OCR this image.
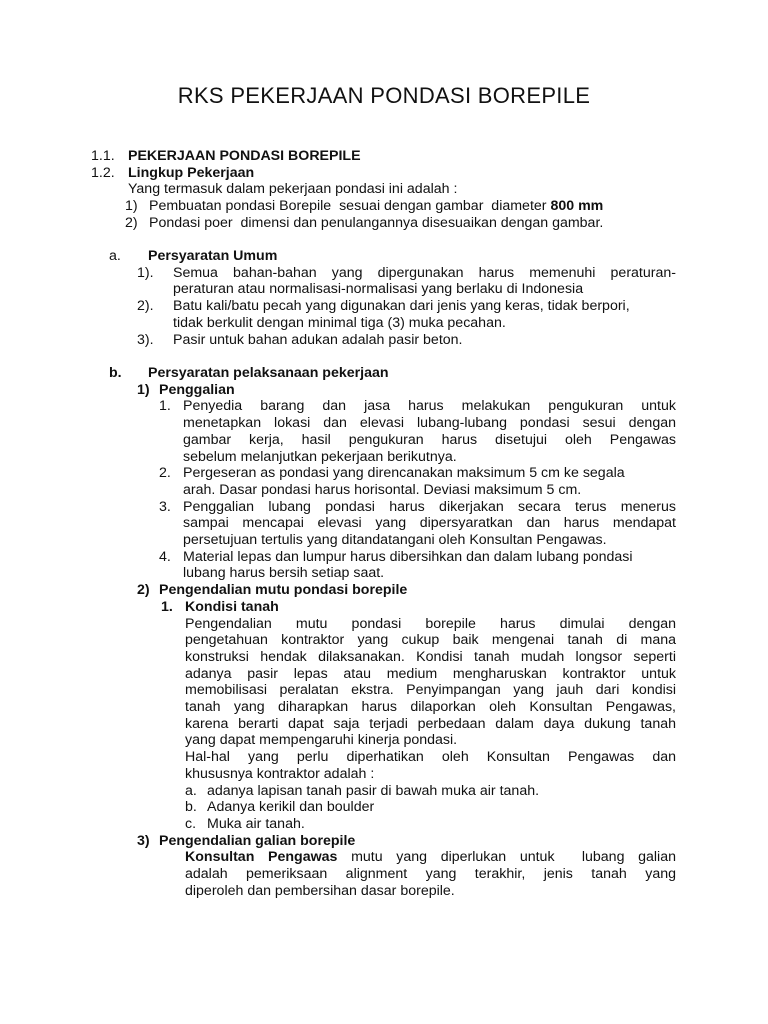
RKS PEKERJAAN PONDASI BOREPILE
1.1. PEKERJAAN PONDASI BOREPILE
1.2. Lingkup Pekerjaan
Yang termasuk dalam pekerjaan pondasi ini adalah :
1) Pembuatan pondasi Borepile  sesuai dengan gambar  diameter 800 mm
2) Pondasi poer  dimensi dan penulangannya disesuaikan dengan gambar.
a.	Persyaratan Umum
1).	Semua bahan-bahan yang dipergunakan harus memenuhi peraturan-
peraturan atau normalisasi-normalisasi yang berlaku di Indonesia
2).	Batu kali/batu pecah yang digunakan dari jenis yang keras, tidak berpori,
tidak berkulit dengan minimal tiga (3) muka pecahan.
3).	Pasir untuk bahan adukan adalah pasir beton.
b.	Persyaratan pelaksanaan pekerjaan
1) Penggalian
1. Penyedia barang dan jasa harus melakukan pengukuran untuk
menetapkan lokasi dan elevasi lubang-lubang pondasi sesui dengan
gambar kerja, hasil pengukuran harus disetujui oleh Pengawas
sebelum melanjutkan pekerjaan berikutnya.
2. Pergeseran as pondasi yang direncanakan maksimum 5 cm ke segala
arah. Dasar pondasi harus horisontal. Deviasi maksimum 5 cm.
3. Penggalian lubang pondasi harus dikerjakan secara terus menerus
sampai mencapai elevasi yang dipersyaratkan dan harus mendapat
persetujuan tertulis yang ditandatangani oleh Konsultan Pengawas.
4. Material lepas dan lumpur harus dibersihkan dan dalam lubang pondasi
lubang harus bersih setiap saat.
2) Pengendalian mutu pondasi borepile
1. Kondisi tanah
Pengendalian mutu pondasi borepile harus dimulai dengan
pengetahuan kontraktor yang cukup baik mengenai tanah di mana
konstruksi hendak dilaksanakan. Kondisi tanah mudah longsor seperti
adanya pasir lepas atau medium mengharuskan kontraktor untuk
memobilisasi peralatan ekstra. Penyimpangan yang jauh dari kondisi
tanah yang diharapkan harus dilaporkan oleh Konsultan Pengawas,
karena berarti dapat saja terjadi perbedaan dalam daya dukung tanah
yang dapat mempengaruhi kinerja pondasi.
Hal-hal yang perlu diperhatikan oleh Konsultan Pengawas dan
khususnya kontraktor adalah :
a. adanya lapisan tanah pasir di bawah muka air tanah.
b. Adanya kerikil dan boulder
c. Muka air tanah.
3) Pengendalian galian borepile
Konsultan Pengawas mutu yang diperlukan untuk  lubang galian
adalah pemeriksaan alignment yang terakhir, jenis tanah yang
diperoleh dan pembersihan dasar borepile.
